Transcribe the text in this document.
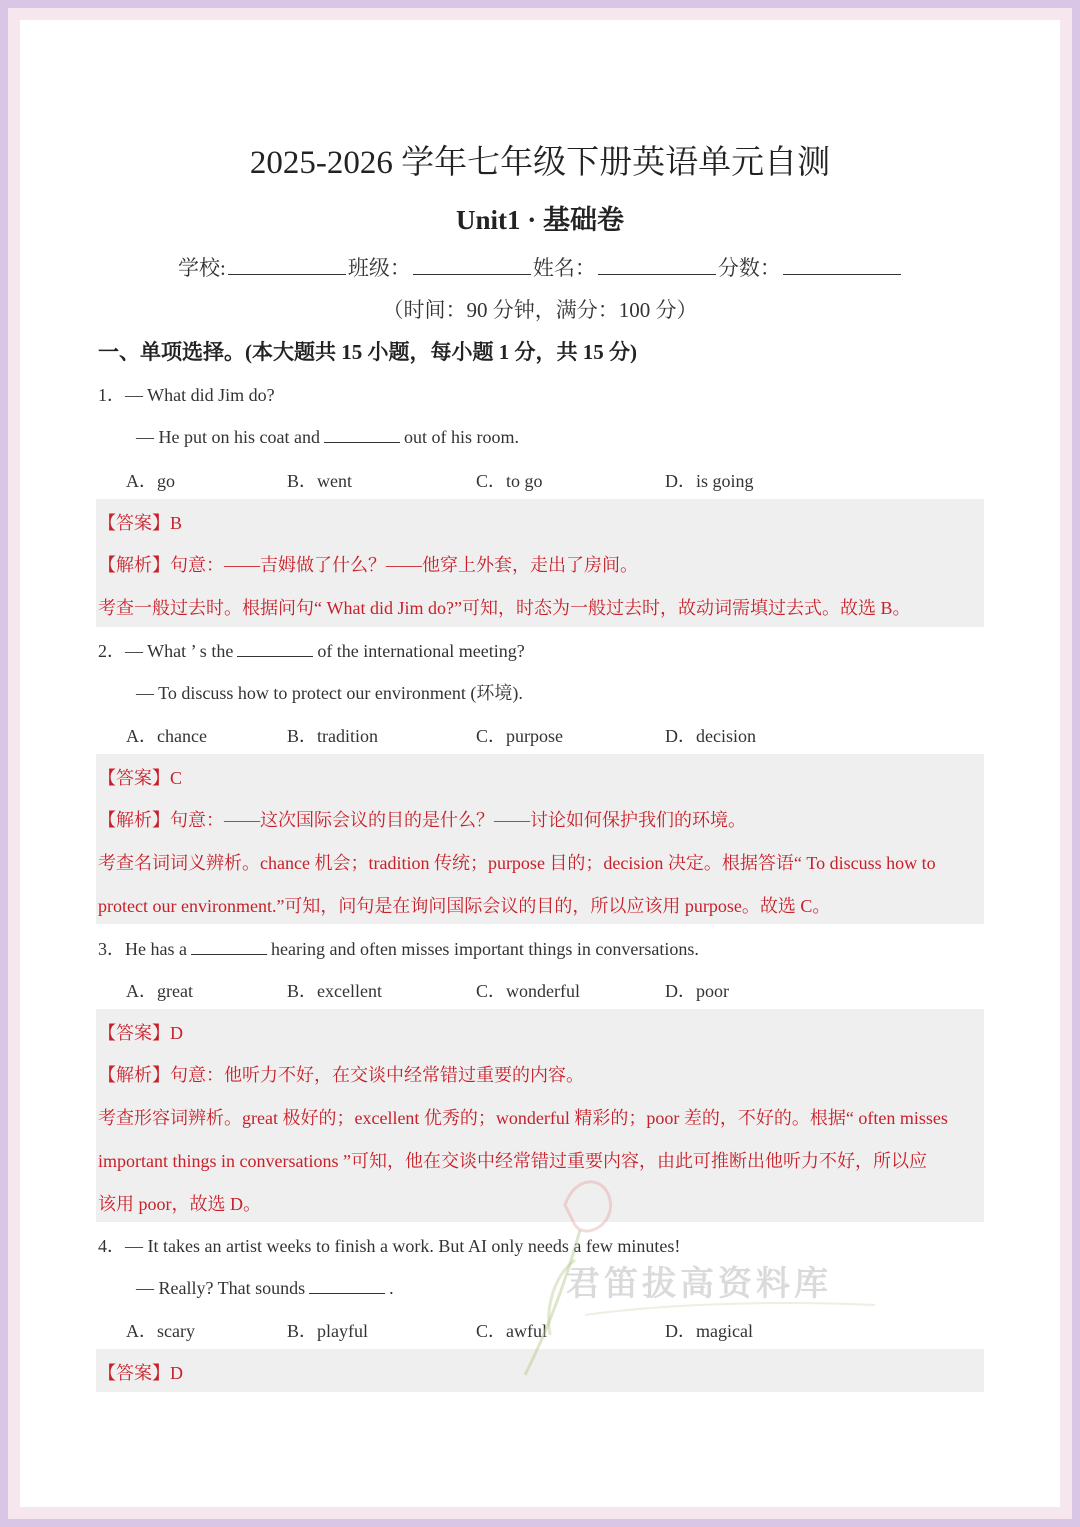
2025-2026 学年七年级下册英语单元自测
Unit1 · 基础卷
学校:	班级：	姓名：	分数：
（时间：90 分钟，满分：100 分）
一、单项选择。(本大题共 15 小题，每小题 1 分，共 15 分)
1．— What did Jim do?
— He put on his coat and	out of his room.
A．go	B．went	C．to go	D．is going
【答案】B
【解析】句意：——吉姆做了什么？——他穿上外套，走出了房间。
考查一般过去时。根据问句“ What did Jim do?”可知，时态为一般过去时，故动词需填过去式。故选 B。
2．— What ’ s the	of the international meeting?
— To discuss how to protect our environment (环境).
A．chance	B．tradition	C．purpose	D．decision
【答案】C
【解析】句意：——这次国际会议的目的是什么？——讨论如何保护我们的环境。
考查名词词义辨析。chance 机会；tradition 传统；purpose 目的；decision 决定。根据答语“ To discuss how to
protect our environment.”可知，问句是在询问国际会议的目的，所以应该用 purpose。故选 C。
3．He has a	hearing and often misses important things in conversations.
A．great	B．excellent	C．wonderful	D．poor
【答案】D
【解析】句意：他听力不好，在交谈中经常错过重要的内容。
考查形容词辨析。great 极好的；excellent 优秀的；wonderful 精彩的；poor 差的，不好的。根据“ often misses
important things in conversations ”可知，他在交谈中经常错过重要内容，由此可推断出他听力不好，所以应
该用 poor，故选 D。
4．— It takes an artist weeks to finish a work. But AI only needs a few minutes!
— Really? That sounds	.
A．scary	B．playful	C．awful	D．magical
【答案】D
君笛拔高资料库
